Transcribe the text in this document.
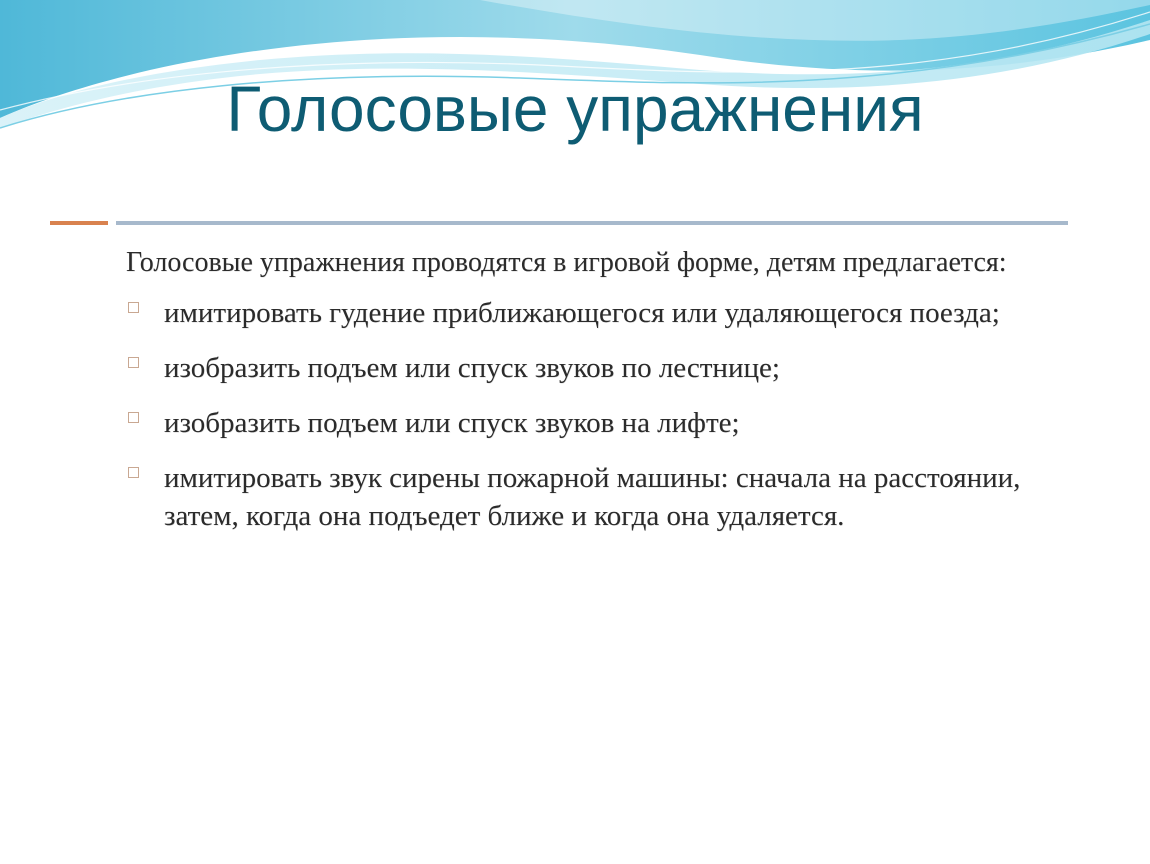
Голосовые упражнения

Голосовые упражнения проводятся в игровой форме, детям предлагается:

имитировать гудение приближающегося или удаляющегося поезда;
изобразить подъем или спуск звуков по лестнице;
изобразить подъем или спуск звуков на лифте;
имитировать звук сирены пожарной машины: сначала на расстоянии, затем, когда она подъедет ближе и когда она удаляется.
